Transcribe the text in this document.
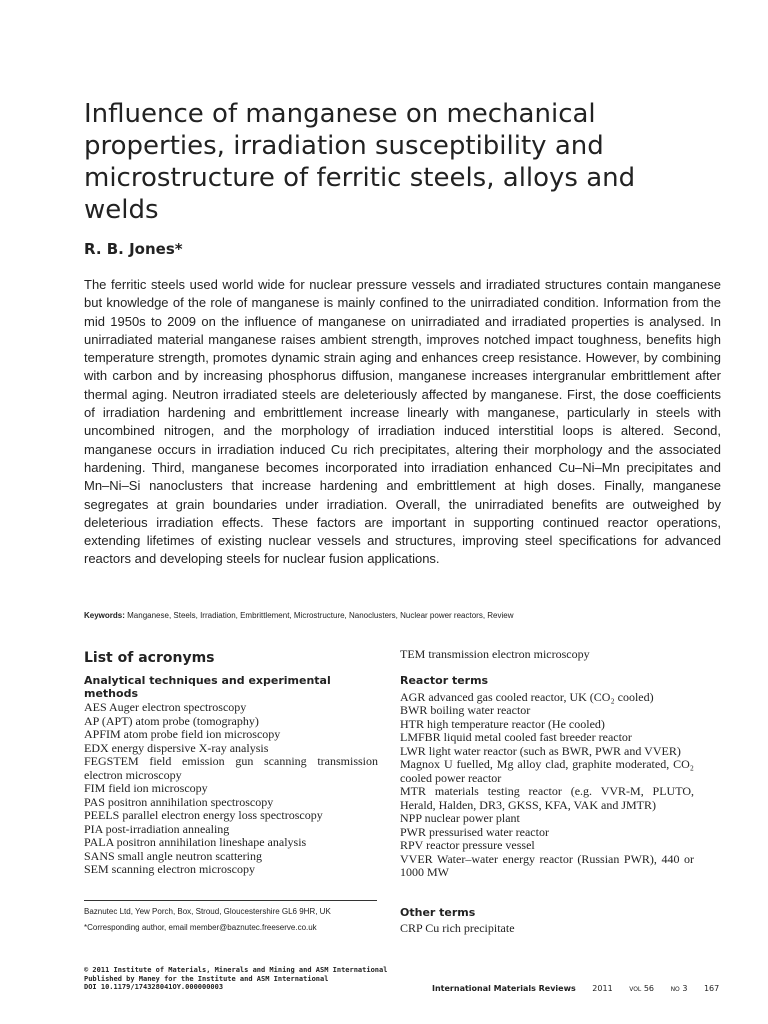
Influence of manganese on mechanical properties, irradiation susceptibility and microstructure of ferritic steels, alloys and welds
R. B. Jones*
The ferritic steels used world wide for nuclear pressure vessels and irradiated structures contain manganese but knowledge of the role of manganese is mainly confined to the unirradiated condition. Information from the mid 1950s to 2009 on the influence of manganese on unirradiated and irradiated properties is analysed. In unirradiated material manganese raises ambient strength, improves notched impact toughness, benefits high temperature strength, promotes dynamic strain aging and enhances creep resistance. However, by combining with carbon and by increasing phosphorus diffusion, manganese increases intergranular embrittlement after thermal aging. Neutron irradiated steels are deleteriously affected by manganese. First, the dose coefficients of irradiation hardening and embrittlement increase linearly with manganese, particularly in steels with uncombined nitrogen, and the morphology of irradiation induced interstitial loops is altered. Second, manganese occurs in irradiation induced Cu rich precipitates, altering their morphology and the associated hardening. Third, manganese becomes incorporated into irradiation enhanced Cu–Ni–Mn precipitates and Mn–Ni–Si nanoclusters that increase hardening and embrittlement at high doses. Finally, manganese segregates at grain boundaries under irradiation. Overall, the unirradiated benefits are outweighed by deleterious irradiation effects. These factors are important in supporting continued reactor operations, extending lifetimes of existing nuclear vessels and structures, improving steel specifications for advanced reactors and developing steels for nuclear fusion applications.
Keywords: Manganese, Steels, Irradiation, Embrittlement, Microstructure, Nanoclusters, Nuclear power reactors, Review
List of acronyms
Analytical techniques and experimental methods
AES Auger electron spectroscopy
AP (APT) atom probe (tomography)
APFIM atom probe field ion microscopy
EDX energy dispersive X-ray analysis
FEGSTEM field emission gun scanning transmission electron microscopy
FIM field ion microscopy
PAS positron annihilation spectroscopy
PEELS parallel electron energy loss spectroscopy
PIA post-irradiation annealing
PALA positron annihilation lineshape analysis
SANS small angle neutron scattering
SEM scanning electron microscopy
TEM transmission electron microscopy
Reactor terms
AGR advanced gas cooled reactor, UK (CO₂ cooled)
BWR boiling water reactor
HTR high temperature reactor (He cooled)
LMFBR liquid metal cooled fast breeder reactor
LWR light water reactor (such as BWR, PWR and VVER)
Magnox U fuelled, Mg alloy clad, graphite moderated, CO₂ cooled power reactor
MTR materials testing reactor (e.g. VVR-M, PLUTO, Herald, Halden, DR3, GKSS, KFA, VAK and JMTR)
NPP nuclear power plant
PWR pressurised water reactor
RPV reactor pressure vessel
VVER Water–water energy reactor (Russian PWR), 440 or 1000 MW
Other terms
CRP Cu rich precipitate
Baznutec Ltd, Yew Porch, Box, Stroud, Gloucestershire GL6 9HR, UK
*Corresponding author, email member@baznutec.freeserve.co.uk
© 2011 Institute of Materials, Minerals and Mining and ASM International
Published by Maney for the Institute and ASM International
DOI 10.1179/174328041OY.000000003	International Materials Reviews 2011	VOL 56	NO 3 167
